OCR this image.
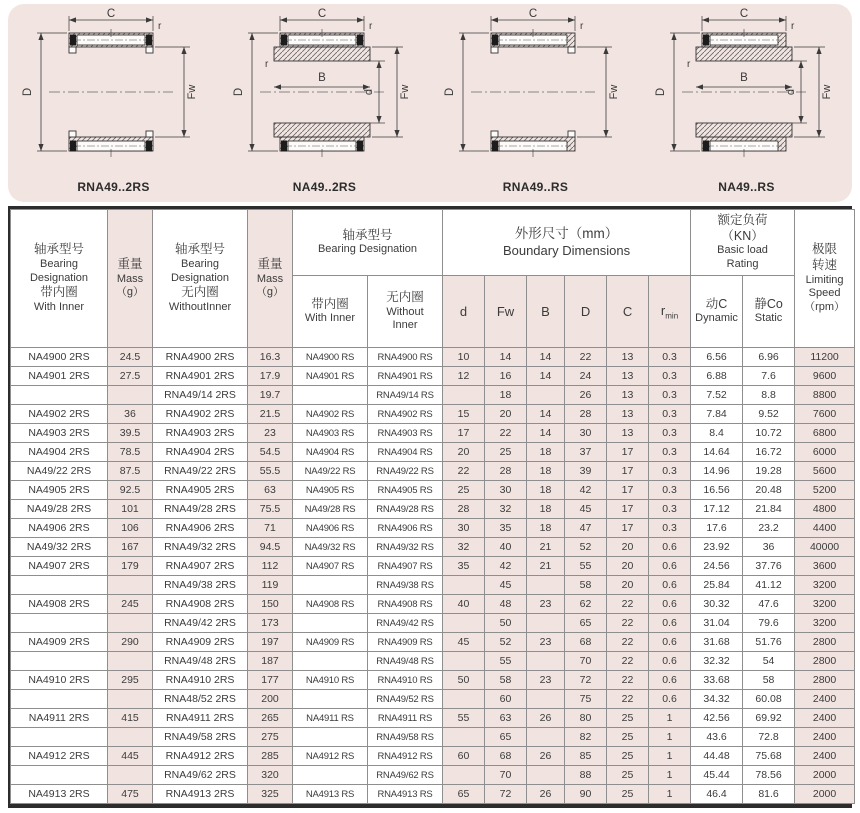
C
r
D	Fw
RNA49..2RS
C
r
D
r
B
d Fw
NA49..2RS
C
r
D	Fw
RNA49..RS
C
r
D
r
B
d Fw
NA49..RS
轴承型号
Bearing
Designation
带内圈
With Inner	重量
Mass
（g）	轴承型号
Bearing
Designation
无内圈
WithoutInner	重量
Mass
（g）	轴承型号
Bearing Designation		外形尺寸（mm）
Boundary Dimensions						额定负荷
（KN）
Basic load
Rating		极限
转速
Limiting
Speed
（rpm）

				带内圈
With Inner	无内圈
Without
Inner	d	Fw	B	D	C	$r_{min}$	动C
Dynamic	静Co
Static	

NA4900 2RS	24.5	RNA4900 2RS	16.3	NA4900 RS	RNA4900 RS	10	14	14	22	13	0.3	6.56	6.96	11200
NA4901 2RS	27.5	RNA4901 2RS	17.9	NA4901 RS	RNA4901 RS	12	16	14	24	13	0.3	6.88	7.6	9600
		RNA49/14 2RS	19.7		RNA49/14 RS		18		26	13	0.3	7.52	8.8	8800
NA4902 2RS	36	RNA4902 2RS	21.5	NA4902 RS	RNA4902 RS	15	20	14	28	13	0.3	7.84	9.52	7600
NA4903 2RS	39.5	RNA4903 2RS	23	NA4903 RS	RNA4903 RS	17	22	14	30	13	0.3	8.4	10.72	6800
NA4904 2RS	78.5	RNA4904 2RS	54.5	NA4904 RS	RNA4904 RS	20	25	18	37	17	0.3	14.64	16.72	6000
NA49/22 2RS	87.5	RNA49/22 2RS	55.5	NA49/22 RS	RNA49/22 RS	22	28	18	39	17	0.3	14.96	19.28	5600
NA4905 2RS	92.5	RNA4905 2RS	63	NA4905 RS	RNA4905 RS	25	30	18	42	17	0.3	16.56	20.48	5200
NA49/28 2RS	101	RNA49/28 2RS	75.5	NA49/28 RS	RNA49/28 RS	28	32	18	45	17	0.3	17.12	21.84	4800
NA4906 2RS	106	RNA4906 2RS	71	NA4906 RS	RNA4906 RS	30	35	18	47	17	0.3	17.6	23.2	4400
NA49/32 2RS	167	RNA49/32 2RS	94.5	NA49/32 RS	RNA49/32 RS	32	40	21	52	20	0.6	23.92	36	40000
NA4907 2RS	179	RNA4907 2RS	112	NA4907 RS	RNA4907 RS	35	42	21	55	20	0.6	24.56	37.76	3600
		RNA49/38 2RS	119		RNA49/38 RS		45		58	20	0.6	25.84	41.12	3200
NA4908 2RS	245	RNA4908 2RS	150	NA4908 RS	RNA4908 RS	40	48	23	62	22	0.6	30.32	47.6	3200
		RNA49/42 2RS	173		RNA49/42 RS		50		65	22	0.6	31.04	79.6	3200
NA4909 2RS	290	RNA4909 2RS	197	NA4909 RS	RNA4909 RS	45	52	23	68	22	0.6	31.68	51.76	2800
		RNA49/48 2RS	187		RNA49/48 RS		55		70	22	0.6	32.32	54	2800
NA4910 2RS	295	RNA4910 2RS	177	NA4910 RS	RNA4910 RS	50	58	23	72	22	0.6	33.68	58	2800
		RNA48/52 2RS	200		RNA49/52 RS		60		75	22	0.6	34.32	60.08	2400
NA4911 2RS	415	RNA4911 2RS	265	NA4911 RS	RNA4911 RS	55	63	26	80	25	1	42.56	69.92	2400
		RNA49/58 2RS	275		RNA49/58 RS		65		82	25	1	43.6	72.8	2400
NA4912 2RS	445	RNA4912 2RS	285	NA4912 RS	RNA4912 RS	60	68	26	85	25	1	44.48	75.68	2400
		RNA49/62 2RS	320		RNA49/62 RS		70		88	25	1	45.44	78.56	2000
NA4913 2RS	475	RNA4913 2RS	325	NA4913 RS	RNA4913 RS	65	72	26	90	25	1	46.4	81.6	2000
